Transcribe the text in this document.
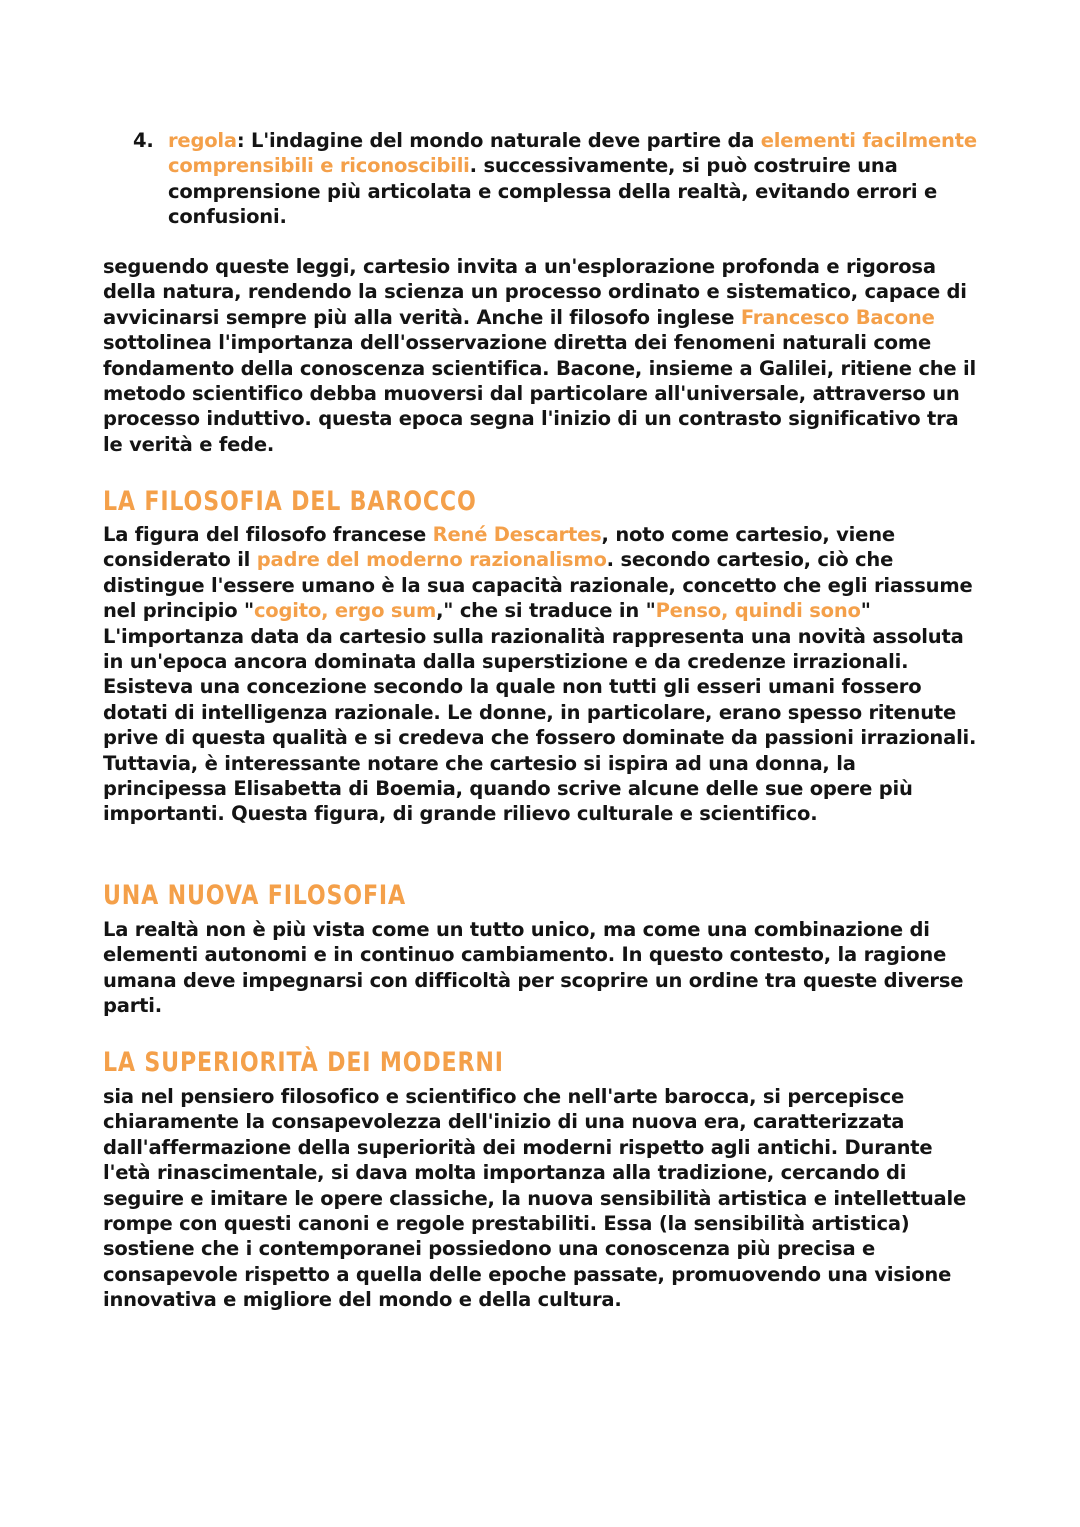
4. regola: L'indagine del mondo naturale deve partire da elementi facilmente comprensibili e riconoscibili. successivamente, si può costruire una comprensione più articolata e complessa della realtà, evitando errori e confusioni.
seguendo queste leggi, cartesio invita a un'esplorazione profonda e rigorosa della natura, rendendo la scienza un processo ordinato e sistematico, capace di avvicinarsi sempre più alla verità. Anche il filosofo inglese Francesco Bacone sottolinea l'importanza dell'osservazione diretta dei fenomeni naturali come fondamento della conoscenza scientifica. Bacone, insieme a Galilei, ritiene che il metodo scientifico debba muoversi dal particolare all'universale, attraverso un processo induttivo. questa epoca segna l'inizio di un contrasto significativo tra le verità e fede.
LA FILOSOFIA DEL BAROCCO
La figura del filosofo francese René Descartes, noto come cartesio, viene considerato il padre del moderno razionalismo. secondo cartesio, ciò che distingue l'essere umano è la sua capacità razionale, concetto che egli riassume nel principio "cogito, ergo sum," che si traduce in "Penso, quindi sono" L'importanza data da cartesio sulla razionalità rappresenta una novità assoluta in un'epoca ancora dominata dalla superstizione e da credenze irrazionali. Esisteva una concezione secondo la quale non tutti gli esseri umani fossero dotati di intelligenza razionale. Le donne, in particolare, erano spesso ritenute prive di questa qualità e si credeva che fossero dominate da passioni irrazionali.
Tuttavia, è interessante notare che cartesio si ispira ad una donna, la principessa Elisabetta di Boemia, quando scrive alcune delle sue opere più importanti. Questa figura, di grande rilievo culturale e scientifico.
UNA NUOVA FILOSOFIA
La realtà non è più vista come un tutto unico, ma come una combinazione di elementi autonomi e in continuo cambiamento. In questo contesto, la ragione umana deve impegnarsi con difficoltà per scoprire un ordine tra queste diverse parti.
LA SUPERIORITÀ DEI MODERNI
sia nel pensiero filosofico e scientifico che nell'arte barocca, si percepisce chiaramente la consapevolezza dell'inizio di una nuova era, caratterizzata dall'affermazione della superiorità dei moderni rispetto agli antichi. Durante l'età rinascimentale, si dava molta importanza alla tradizione, cercando di seguire e imitare le opere classiche, la nuova sensibilità artistica e intellettuale rompe con questi canoni e regole prestabiliti. Essa (la sensibilità artistica) sostiene che i contemporanei possiedono una conoscenza più precisa e consapevole rispetto a quella delle epoche passate, promuovendo una visione innovativa e migliore del mondo e della cultura.
